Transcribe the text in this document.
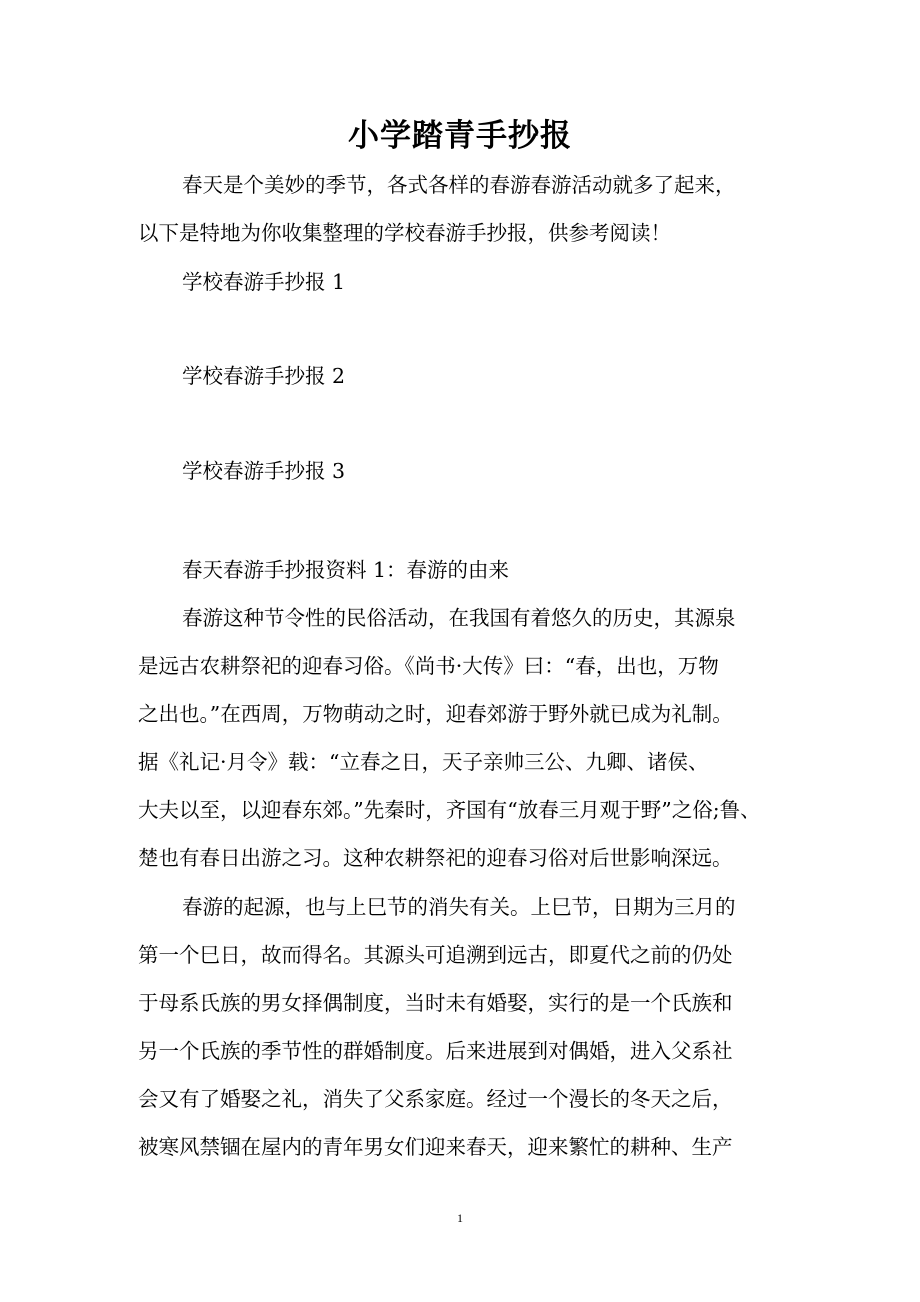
小学踏青手抄报
春天是个美妙的季节，各式各样的春游春游活动就多了起来，
以下是特地为你收集整理的学校春游手抄报，供参考阅读！
学校春游手抄报 1
学校春游手抄报 2
学校春游手抄报 3
春天春游手抄报资料 1：春游的由来
春游这种节令性的民俗活动，在我国有着悠久的历史，其源泉
是远古农耕祭祀的迎春习俗。《尚书·大传》曰：“春，出也，万物
之出也。”在西周，万物萌动之时，迎春郊游于野外就已成为礼制。
据《礼记·月令》载：“立春之日，天子亲帅三公、九卿、诸侯、
大夫以至，以迎春东郊。”先秦时，齐国有“放春三月观于野”之俗;鲁、
楚也有春日出游之习。这种农耕祭祀的迎春习俗对后世影响深远。
春游的起源，也与上巳节的消失有关。上巳节，日期为三月的
第一个巳日，故而得名。其源头可追溯到远古，即夏代之前的仍处
于母系氏族的男女择偶制度，当时未有婚娶，实行的是一个氏族和
另一个氏族的季节性的群婚制度。后来进展到对偶婚，进入父系社
会又有了婚娶之礼，消失了父系家庭。经过一个漫长的冬天之后，
被寒风禁锢在屋内的青年男女们迎来春天，迎来繁忙的耕种、生产
1
